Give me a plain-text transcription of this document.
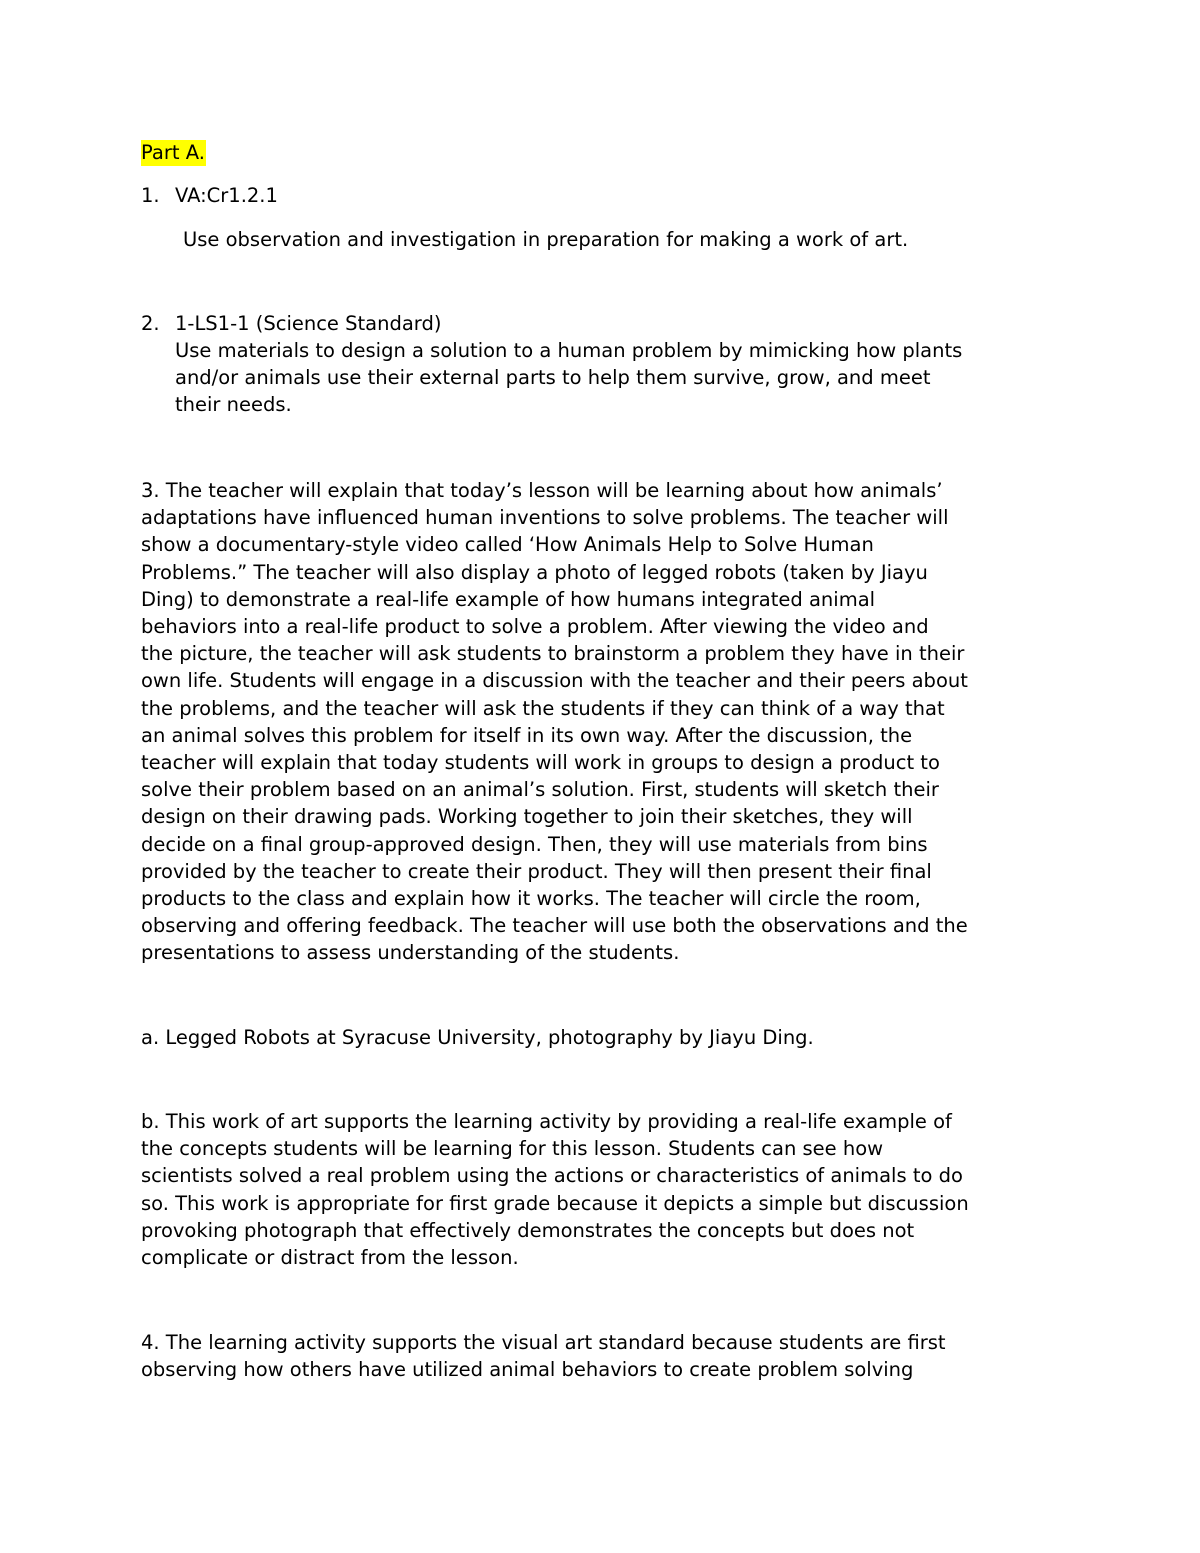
Part A.
1. VA:Cr1.2.1
Use observation and investigation in preparation for making a work of art.
2. 1-LS1-1 (Science Standard)
Use materials to design a solution to a human problem by mimicking how plants
and/or animals use their external parts to help them survive, grow, and meet
their needs.
3. The teacher will explain that today’s lesson will be learning about how animals’
adaptations have influenced human inventions to solve problems. The teacher will
show a documentary-style video called ‘How Animals Help to Solve Human
Problems.” The teacher will also display a photo of legged robots (taken by Jiayu
Ding) to demonstrate a real-life example of how humans integrated animal
behaviors into a real-life product to solve a problem. After viewing the video and
the picture, the teacher will ask students to brainstorm a problem they have in their
own life. Students will engage in a discussion with the teacher and their peers about
the problems, and the teacher will ask the students if they can think of a way that
an animal solves this problem for itself in its own way. After the discussion, the
teacher will explain that today students will work in groups to design a product to
solve their problem based on an animal’s solution. First, students will sketch their
design on their drawing pads. Working together to join their sketches, they will
decide on a final group-approved design. Then, they will use materials from bins
provided by the teacher to create their product. They will then present their final
products to the class and explain how it works. The teacher will circle the room,
observing and offering feedback. The teacher will use both the observations and the
presentations to assess understanding of the students.
a. Legged Robots at Syracuse University, photography by Jiayu Ding.
b. This work of art supports the learning activity by providing a real-life example of
the concepts students will be learning for this lesson. Students can see how
scientists solved a real problem using the actions or characteristics of animals to do
so. This work is appropriate for first grade because it depicts a simple but discussion
provoking photograph that effectively demonstrates the concepts but does not
complicate or distract from the lesson.
4. The learning activity supports the visual art standard because students are first
observing how others have utilized animal behaviors to create problem solving
